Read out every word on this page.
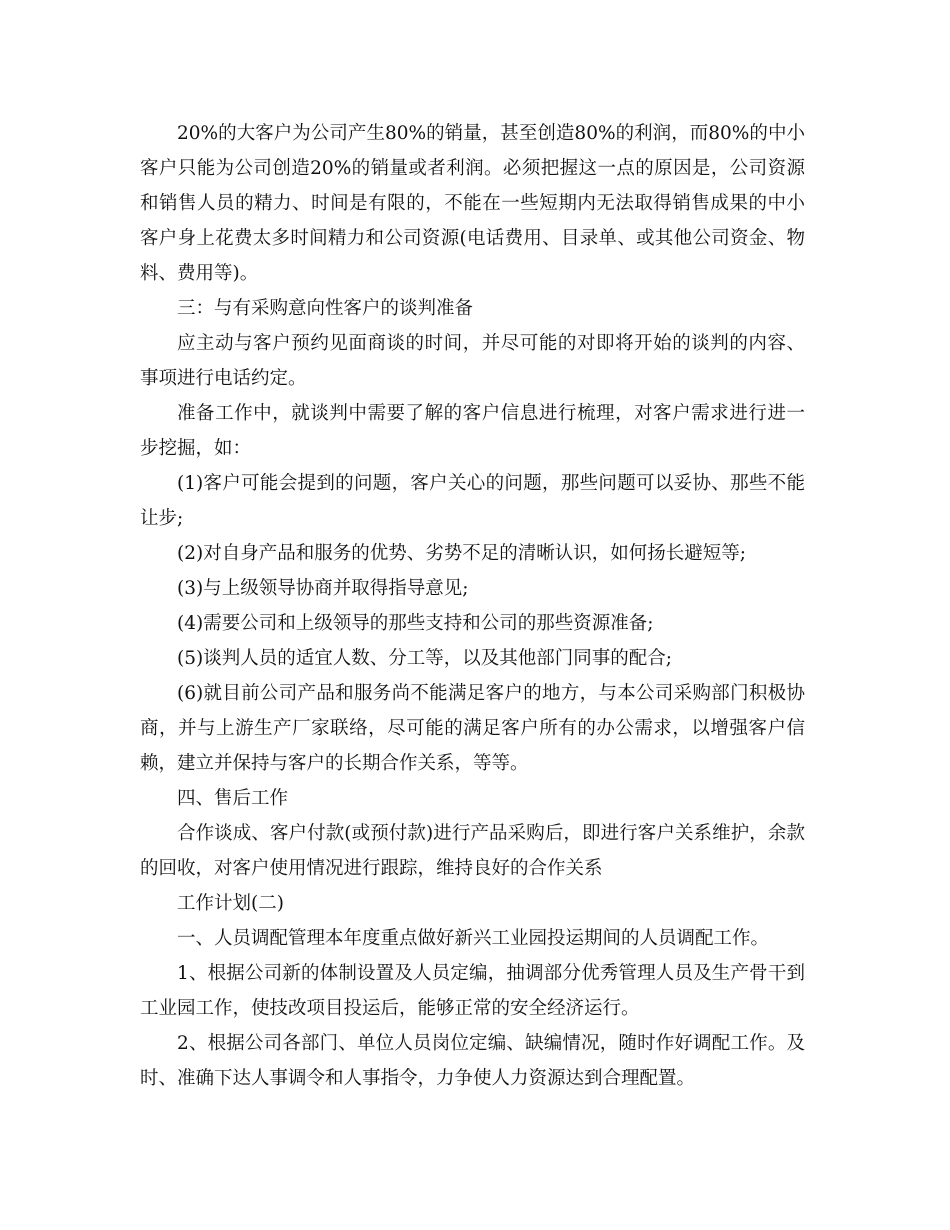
20%的大客户为公司产生80%的销量，甚至创造80%的利润，而80%的中小客户只能为公司创造20%的销量或者利润。必须把握这一点的原因是，公司资源和销售人员的精力、时间是有限的，不能在一些短期内无法取得销售成果的中小客户身上花费太多时间精力和公司资源(电话费用、目录单、或其他公司资金、物料、费用等)。

三：与有采购意向性客户的谈判准备

应主动与客户预约见面商谈的时间，并尽可能的对即将开始的谈判的内容、事项进行电话约定。

准备工作中，就谈判中需要了解的客户信息进行梳理，对客户需求进行进一步挖掘，如：

(1)客户可能会提到的问题，客户关心的问题，那些问题可以妥协、那些不能让步;

(2)对自身产品和服务的优势、劣势不足的清晰认识，如何扬长避短等;

(3)与上级领导协商并取得指导意见;

(4)需要公司和上级领导的那些支持和公司的那些资源准备;

(5)谈判人员的适宜人数、分工等，以及其他部门同事的配合;

(6)就目前公司产品和服务尚不能满足客户的地方，与本公司采购部门积极协商，并与上游生产厂家联络，尽可能的满足客户所有的办公需求，以增强客户信赖，建立并保持与客户的长期合作关系，等等。

四、售后工作

合作谈成、客户付款(或预付款)进行产品采购后，即进行客户关系维护，余款的回收，对客户使用情况进行跟踪，维持良好的合作关系

工作计划(二)

一、人员调配管理本年度重点做好新兴工业园投运期间的人员调配工作。

1、根据公司新的体制设置及人员定编，抽调部分优秀管理人员及生产骨干到工业园工作，使技改项目投运后，能够正常的安全经济运行。

2、根据公司各部门、单位人员岗位定编、缺编情况，随时作好调配工作。及时、准确下达人事调令和人事指令，力争使人力资源达到合理配置。
